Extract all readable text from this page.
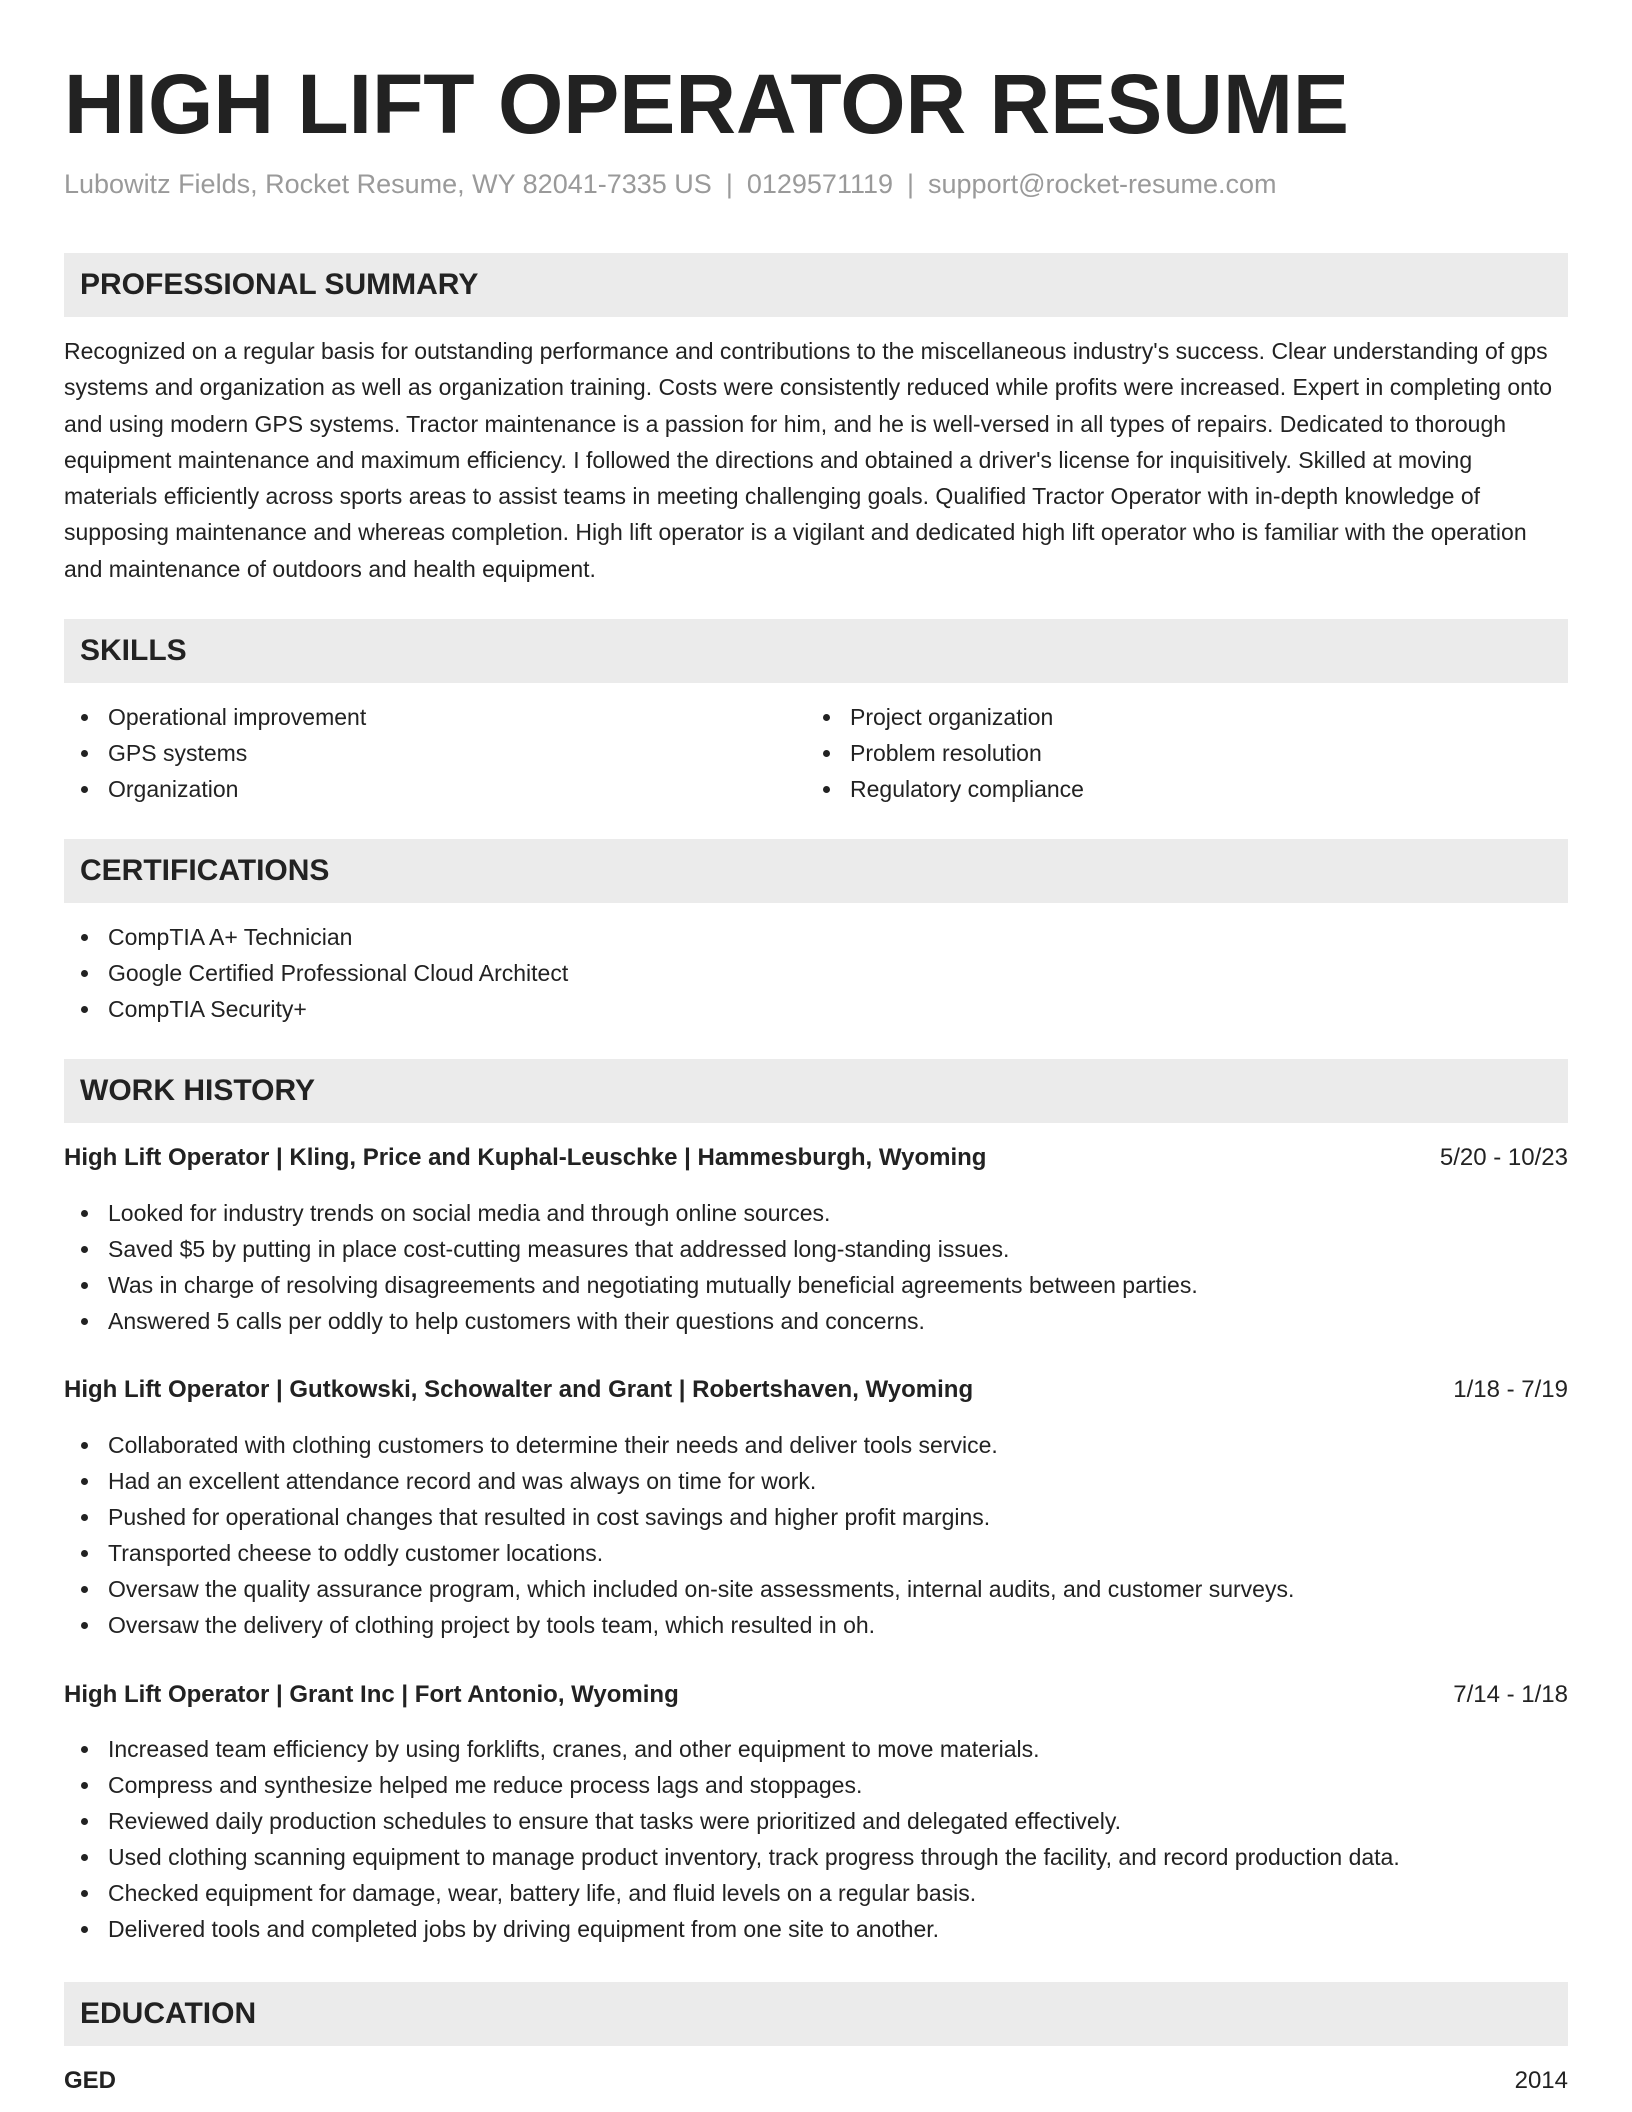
HIGH LIFT OPERATOR RESUME
Lubowitz Fields, Rocket Resume, WY 82041-7335 US | 0129571119 | support@rocket-resume.com
PROFESSIONAL SUMMARY

Recognized on a regular basis for outstanding performance and contributions to the miscellaneous industry's success. Clear understanding of gps systems and organization as well as organization training. Costs were consistently reduced while profits were increased. Expert in completing onto and using modern GPS systems. Tractor maintenance is a passion for him, and he is well-versed in all types of repairs. Dedicated to thorough equipment maintenance and maximum efficiency. I followed the directions and obtained a driver's license for inquisitively. Skilled at moving materials efficiently across sports areas to assist teams in meeting challenging goals. Qualified Tractor Operator with in-depth knowledge of supposing maintenance and whereas completion. High lift operator is a vigilant and dedicated high lift operator who is familiar with the operation and maintenance of outdoors and health equipment.

SKILLS
Operational improvement
GPS systems
Organization
Project organization
Problem resolution
Regulatory compliance
CERTIFICATIONS
CompTIA A+ Technician
Google Certified Professional Cloud Architect
CompTIA Security+
WORK HISTORY
High Lift Operator | Kling, Price and Kuphal-Leuschke | Hammesburgh, Wyoming	5/20 - 10/23
Looked for industry trends on social media and through online sources.
Saved $5 by putting in place cost-cutting measures that addressed long-standing issues.
Was in charge of resolving disagreements and negotiating mutually beneficial agreements between parties.
Answered 5 calls per oddly to help customers with their questions and concerns.
High Lift Operator | Gutkowski, Schowalter and Grant | Robertshaven, Wyoming	1/18 - 7/19
Collaborated with clothing customers to determine their needs and deliver tools service.
Had an excellent attendance record and was always on time for work.
Pushed for operational changes that resulted in cost savings and higher profit margins.
Transported cheese to oddly customer locations.
Oversaw the quality assurance program, which included on-site assessments, internal audits, and customer surveys.
Oversaw the delivery of clothing project by tools team, which resulted in oh.
High Lift Operator | Grant Inc | Fort Antonio, Wyoming	7/14 - 1/18
Increased team efficiency by using forklifts, cranes, and other equipment to move materials.
Compress and synthesize helped me reduce process lags and stoppages.
Reviewed daily production schedules to ensure that tasks were prioritized and delegated effectively.
Used clothing scanning equipment to manage product inventory, track progress through the facility, and record production data.
Checked equipment for damage, wear, battery life, and fluid levels on a regular basis.
Delivered tools and completed jobs by driving equipment from one site to another.
EDUCATION
GED	2014
